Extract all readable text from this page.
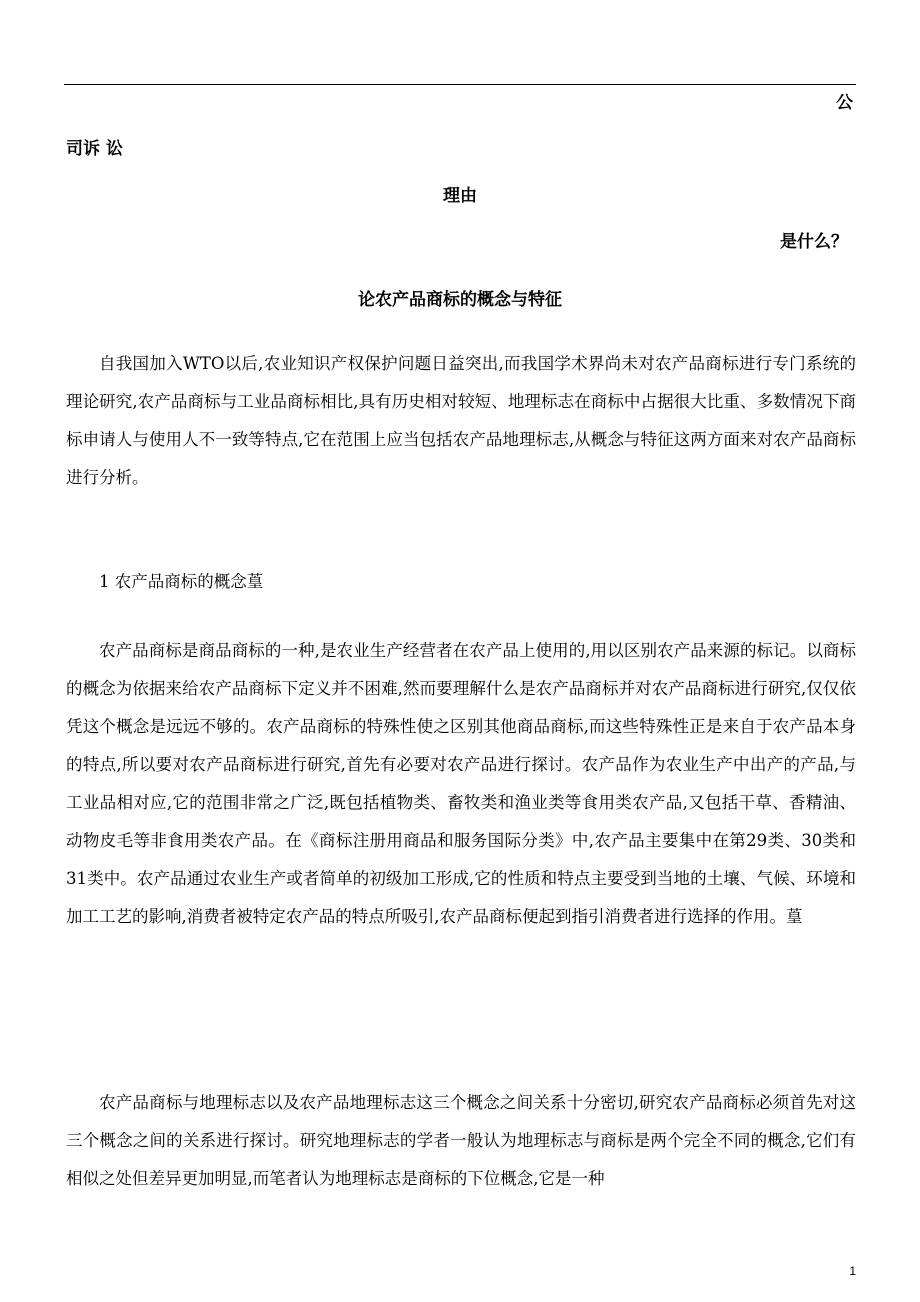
公
司诉 讼
理由
是什么？
论农产品商标的概念与特征
自我国加入WTO以后,农业知识产权保护问题日益突出,而我国学术界尚未对农产品商标进行专门系统的理论研究,农产品商标与工业品商标相比,具有历史相对较短、地理标志在商标中占据很大比重、多数情况下商标申请人与使用人不一致等特点,它在范围上应当包括农产品地理标志,从概念与特征这两方面来对农产品商标进行分析。
1 农产品商标的概念葟
农产品商标是商品商标的一种,是农业生产经营者在农产品上使用的,用以区别农产品来源的标记。以商标的概念为依据来给农产品商标下定义并不困难,然而要理解什么是农产品商标并对农产品商标进行研究,仅仅依凭这个概念是远远不够的。农产品商标的特殊性使之区别其他商品商标,而这些特殊性正是来自于农产品本身的特点,所以要对农产品商标进行研究,首先有必要对农产品进行探讨。农产品作为农业生产中出产的产品,与工业品相对应,它的范围非常之广泛,既包括植物类、畜牧类和渔业类等食用类农产品,又包括干草、香精油、动物皮毛等非食用类农产品。在《商标注册用商品和服务国际分类》中,农产品主要集中在第29类、30类和31类中。农产品通过农业生产或者简单的初级加工形成,它的性质和特点主要受到当地的土壤、气候、环境和加工工艺的影响,消费者被特定农产品的特点所吸引,农产品商标便起到指引消费者进行选择的作用。葟
农产品商标与地理标志以及农产品地理标志这三个概念之间关系十分密切,研究农产品商标必须首先对这三个概念之间的关系进行探讨。研究地理标志的学者一般认为地理标志与商标是两个完全不同的概念,它们有相似之处但差异更加明显,而笔者认为地理标志是商标的下位概念,它是一种
1
